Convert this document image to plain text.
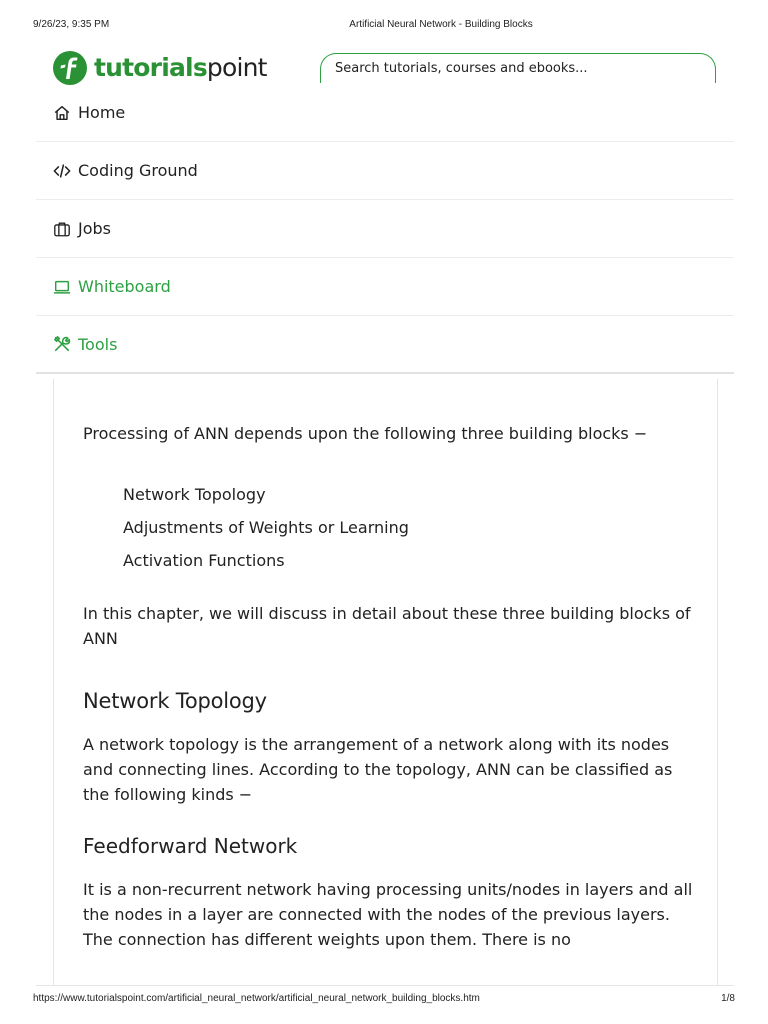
9/26/23, 9:35 PM	Artificial Neural Network - Building Blocks
tutorialspoint
Search tutorials, courses and ebooks...
Home
Coding Ground
Jobs
Whiteboard
Tools

Processing of ANN depends upon the following three building blocks −

Network Topology
Adjustments of Weights or Learning
Activation Functions

In this chapter, we will discuss in detail about these three building blocks of ANN

Network Topology

A network topology is the arrangement of a network along with its nodes and connecting lines. According to the topology, ANN can be classified as the following kinds −

Feedforward Network

It is a non-recurrent network having processing units/nodes in layers and all the nodes in a layer are connected with the nodes of the previous layers. The connection has different weights upon them. There is no

https://www.tutorialspoint.com/artificial_neural_network/artificial_neural_network_building_blocks.htm	1/8
